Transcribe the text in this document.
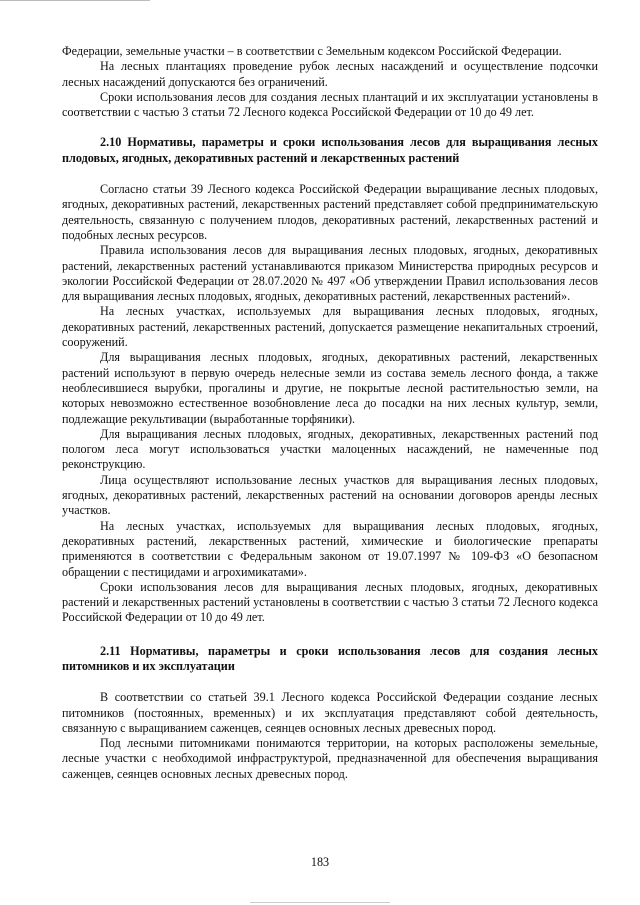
Федерации, земельные участки – в соответствии с Земельным кодексом Российской Федерации.

На лесных плантациях проведение рубок лесных насаждений и осуществление подсочки лесных насаждений допускаются без ограничений.

Сроки использования лесов для создания лесных плантаций и их эксплуатации установлены в соответствии с частью 3 статьи 72 Лесного кодекса Российской Федерации от 10 до 49 лет.

2.10 Нормативы, параметры и сроки использования лесов для выращивания лесных плодовых, ягодных, декоративных растений и лекарственных растений

Согласно статьи 39 Лесного кодекса Российской Федерации выращивание лесных плодовых, ягодных, декоративных растений, лекарственных растений представляет собой предпринимательскую деятельность, связанную с получением плодов, декоративных растений, лекарственных растений и подобных лесных ресурсов.

Правила использования лесов для выращивания лесных плодовых, ягодных, декоративных растений, лекарственных растений устанавливаются приказом Министерства природных ресурсов и экологии Российской Федерации от 28.07.2020 № 497 «Об утверждении Правил использования лесов для выращивания лесных плодовых, ягодных, декоративных растений, лекарственных растений».

На лесных участках, используемых для выращивания лесных плодовых, ягодных, декоративных растений, лекарственных растений, допускается размещение некапитальных строений, сооружений.

Для выращивания лесных плодовых, ягодных, декоративных растений, лекарственных растений используют в первую очередь нелесные земли из состава земель лесного фонда, а также необлесившиеся вырубки, прогалины и другие, не покрытые лесной растительностью земли, на которых невозможно естественное возобновление леса до посадки на них лесных культур, земли, подлежащие рекультивации (выработанные торфяники).

Для выращивания лесных плодовых, ягодных, декоративных, лекарственных растений под пологом леса могут использоваться участки малоценных насаждений, не намеченные под реконструкцию.

Лица осуществляют использование лесных участков для выращивания лесных плодовых, ягодных, декоративных растений, лекарственных растений на основании договоров аренды лесных участков.

На лесных участках, используемых для выращивания лесных плодовых, ягодных, декоративных растений, лекарственных растений, химические и биологические препараты применяются в соответствии с Федеральным законом от 19.07.1997 № 109-ФЗ «О безопасном обращении с пестицидами и агрохимикатами».

Сроки использования лесов для выращивания лесных плодовых, ягодных, декоративных растений и лекарственных растений установлены в соответствии с частью 3 статьи 72 Лесного кодекса Российской Федерации от 10 до 49 лет.

2.11 Нормативы, параметры и сроки использования лесов для создания лесных питомников и их эксплуатации

В соответствии со статьей 39.1 Лесного кодекса Российской Федерации создание лесных питомников (постоянных, временных) и их эксплуатация представляют собой деятельность, связанную с выращиванием саженцев, сеянцев основных лесных древесных пород.

Под лесными питомниками понимаются территории, на которых расположены земельные, лесные участки с необходимой инфраструктурой, предназначенной для обеспечения выращивания саженцев, сеянцев основных лесных древесных пород.

183
